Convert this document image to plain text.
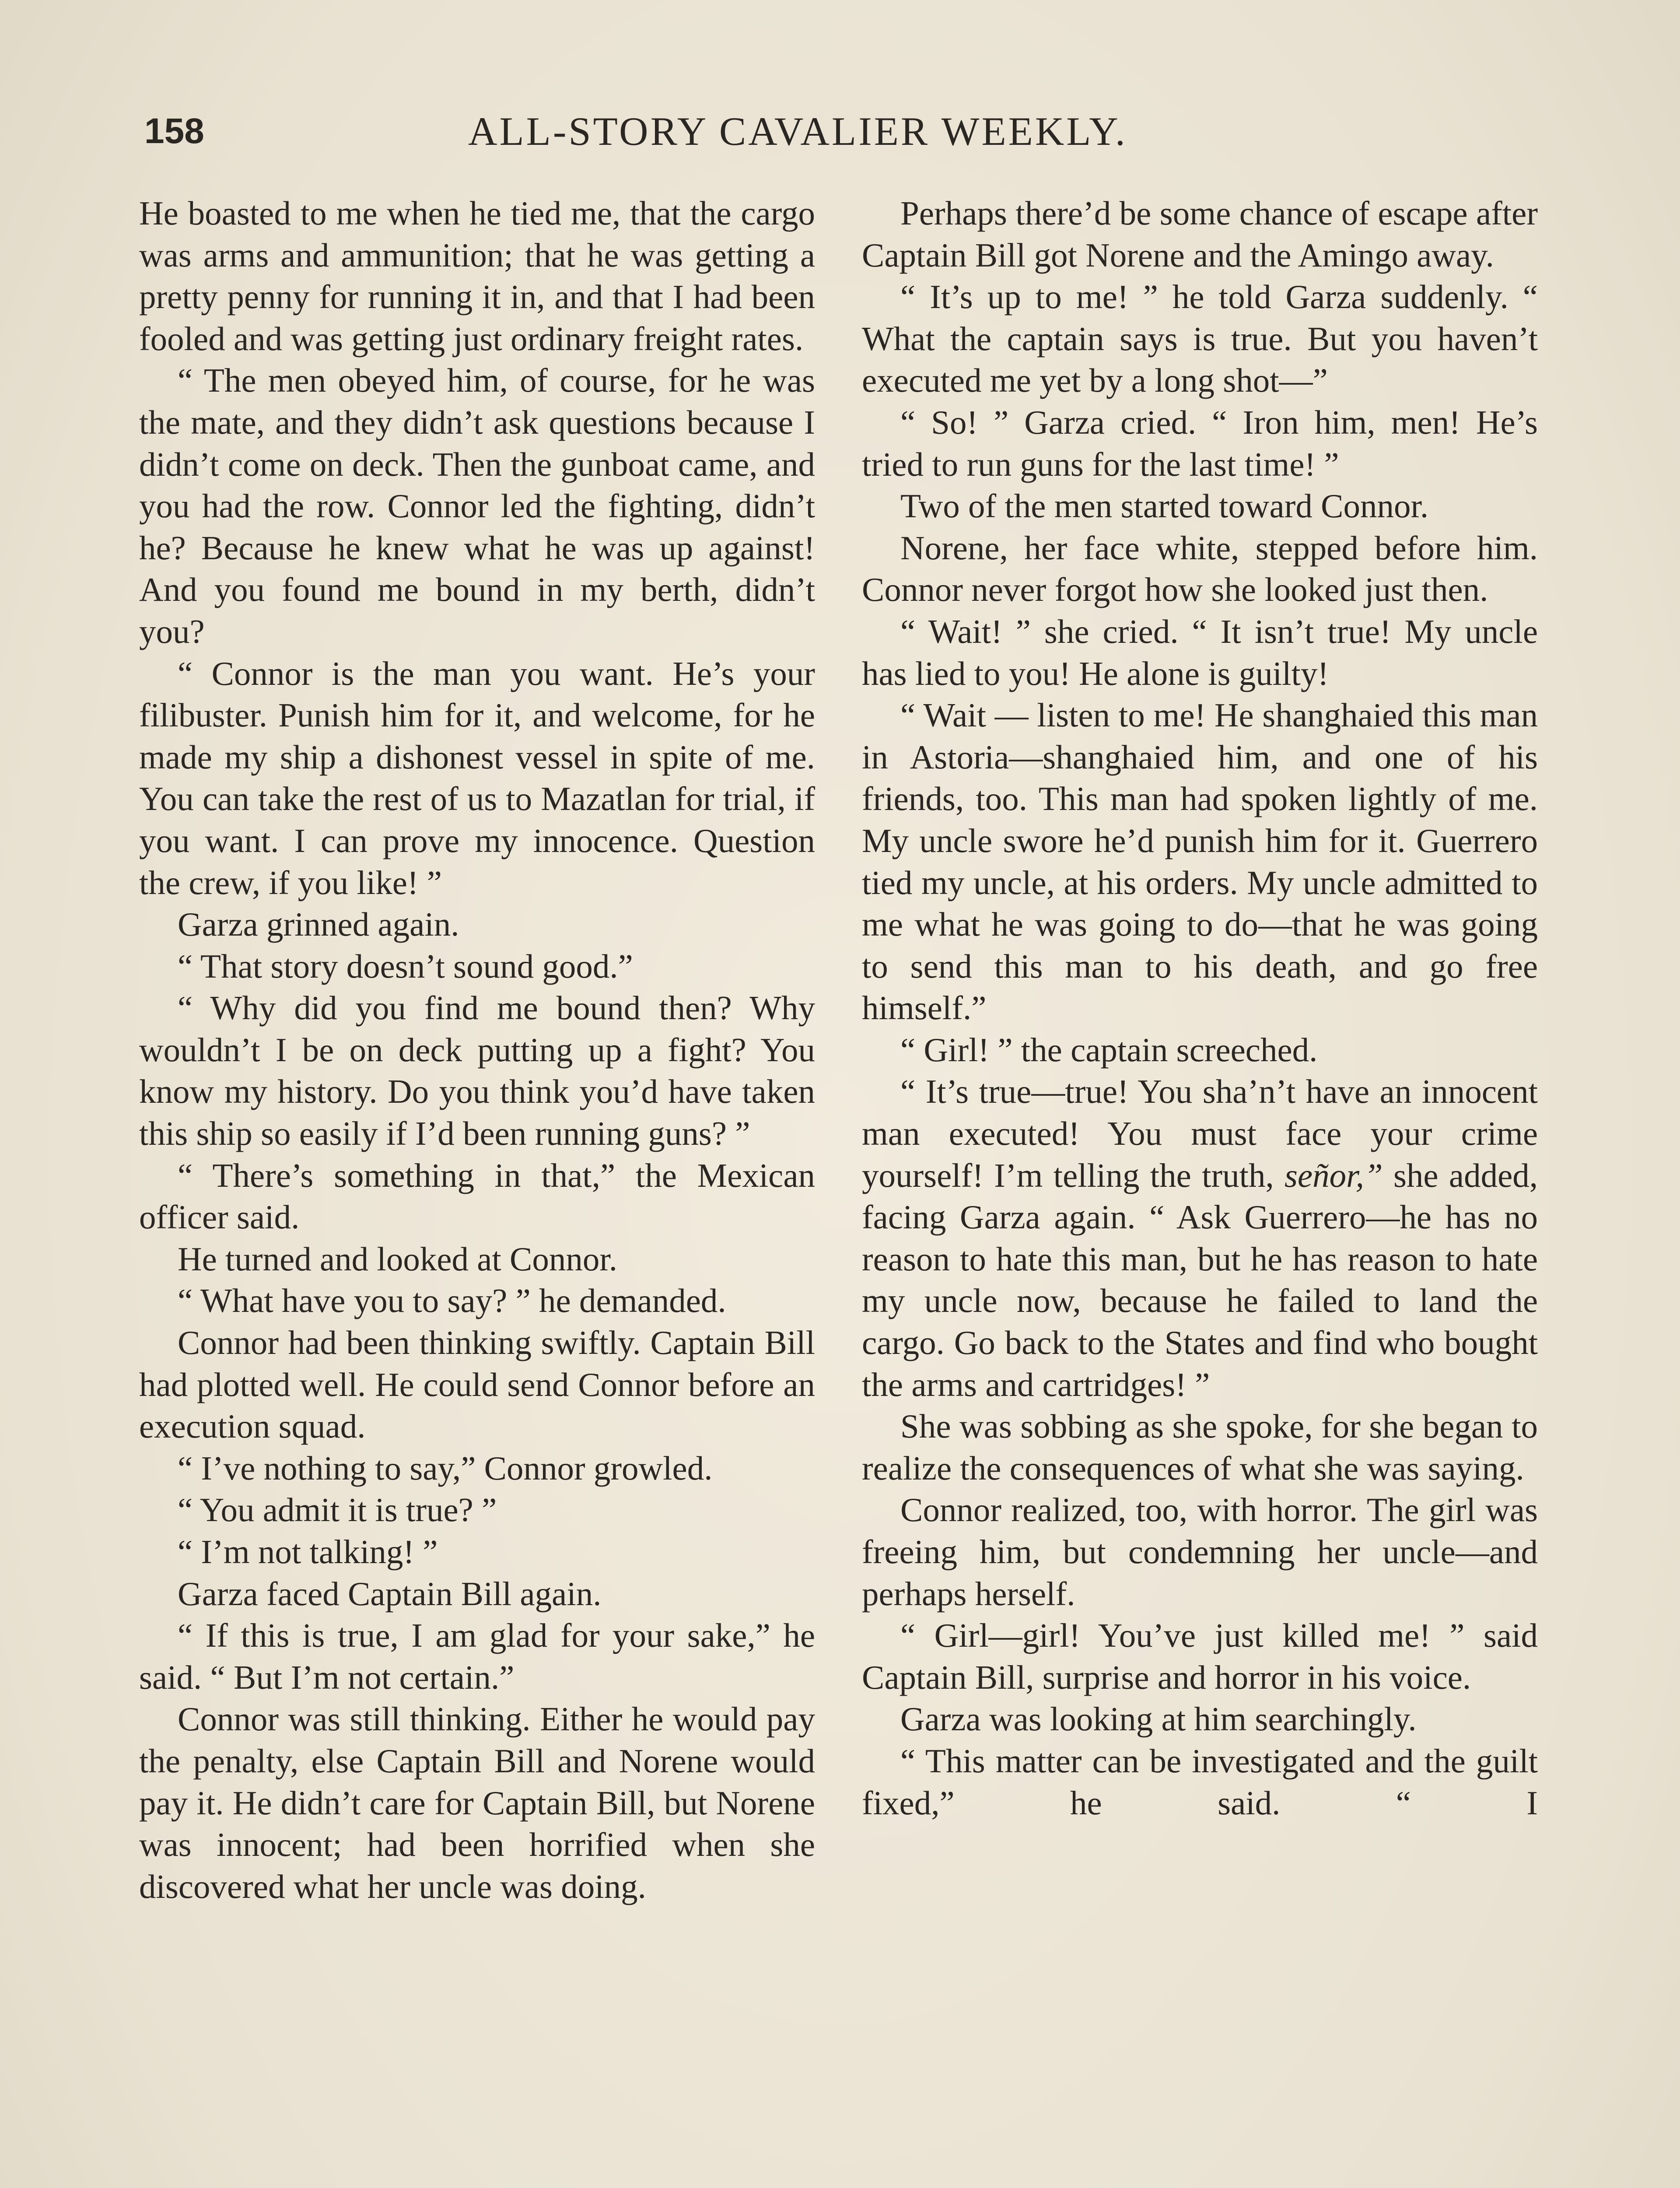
158	ALL-STORY CAVALIER WEEKLY.

He boasted to me when he tied me, that the cargo was arms and ammunition; that he was getting a pretty penny for running it in, and that I had been fooled and was getting just ordinary freight rates.

“ The men obeyed him, of course, for he was the mate, and they didn’t ask questions because I didn’t come on deck. Then the gunboat came, and you had the row. Connor led the fighting, didn’t he? Because he knew what he was up against! And you found me bound in my berth, didn’t you?

“ Connor is the man you want. He’s your filibuster. Punish him for it, and welcome, for he made my ship a dishonest vessel in spite of me. You can take the rest of us to Mazatlan for trial, if you want. I can prove my innocence. Question the crew, if you like! ”

Garza grinned again.

“ That story doesn’t sound good.”

“ Why did you find me bound then? Why wouldn’t I be on deck putting up a fight? You know my history. Do you think you’d have taken this ship so easily if I’d been running guns? ”

“ There’s something in that,” the Mexican officer said.

He turned and looked at Connor.

“ What have you to say? ” he demanded.

Connor had been thinking swiftly. Captain Bill had plotted well. He could send Connor before an execution squad.

“ I’ve nothing to say,” Connor growled.

“ You admit it is true? ”

“ I’m not talking! ”

Garza faced Captain Bill again.

“ If this is true, I am glad for your sake,” he said. “ But I’m not certain.”

Connor was still thinking. Either he would pay the penalty, else Captain Bill and Norene would pay it. He didn’t care for Captain Bill, but Norene was innocent; had been horrified when she discovered what her uncle was doing.

Perhaps there’d be some chance of escape after Captain Bill got Norene and the Amingo away.

“ It’s up to me! ” he told Garza suddenly. “ What the captain says is true. But you haven’t executed me yet by a long shot—”

“ So! ” Garza cried. “ Iron him, men! He’s tried to run guns for the last time! ”

Two of the men started toward Connor.

Norene, her face white, stepped before him. Connor never forgot how she looked just then.

“ Wait! ” she cried. “ It isn’t true! My uncle has lied to you! He alone is guilty!

“ Wait — listen to me! He shanghaied this man in Astoria—shanghaied him, and one of his friends, too. This man had spoken lightly of me. My uncle swore he’d punish him for it. Guerrero tied my uncle, at his orders. My uncle admitted to me what he was going to do—that he was going to send this man to his death, and go free himself.”

“ Girl! ” the captain screeched.

“ It’s true—true! You sha’n’t have an innocent man executed! You must face your crime yourself! I’m telling the truth, señor,” she added, facing Garza again. “ Ask Guerrero—he has no reason to hate this man, but he has reason to hate my uncle now, because he failed to land the cargo. Go back to the States and find who bought the arms and cartridges! ”

She was sobbing as she spoke, for she began to realize the consequences of what she was saying.

Connor realized, too, with horror. The girl was freeing him, but condemning her uncle—and perhaps herself.

“ Girl—girl! You’ve just killed me! ” said Captain Bill, surprise and horror in his voice.

Garza was looking at him searchingly.

“ This matter can be investigated and the guilt fixed,” he said. “ I
